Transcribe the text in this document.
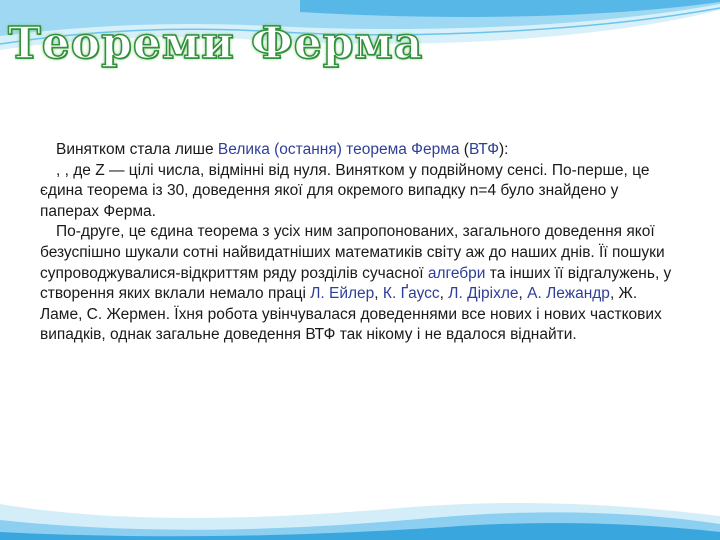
Теореми Ферма

Винятком стала лише Велика (остання) теорема Ферма (ВТФ):
, , де Z — цілі числа, відмінні від нуля. Винятком у подвійному сенсі. По-перше, це єдина теорема із 30, доведення якої для окремого випадку n=4 було знайдено у паперах Ферма.

По-друге, це єдина теорема з усіх ним запропонованих, загального доведення якої безуспішно шукали сотні найвидатніших математиків світу аж до наших днів. Її пошуки супроводжувалися-відкриттям ряду розділів сучасної алгебри та інших її відгалужень, у створення яких вклали немало праці Л. Ейлер, К. Ґаусс, Л. Діріхле, А. Лежандр, Ж. Ламе, С. Жермен. Їхня робота увінчувалася доведеннями все нових і нових часткових випадків, однак загальне доведення ВТФ так нікому і не вдалося віднайти.
